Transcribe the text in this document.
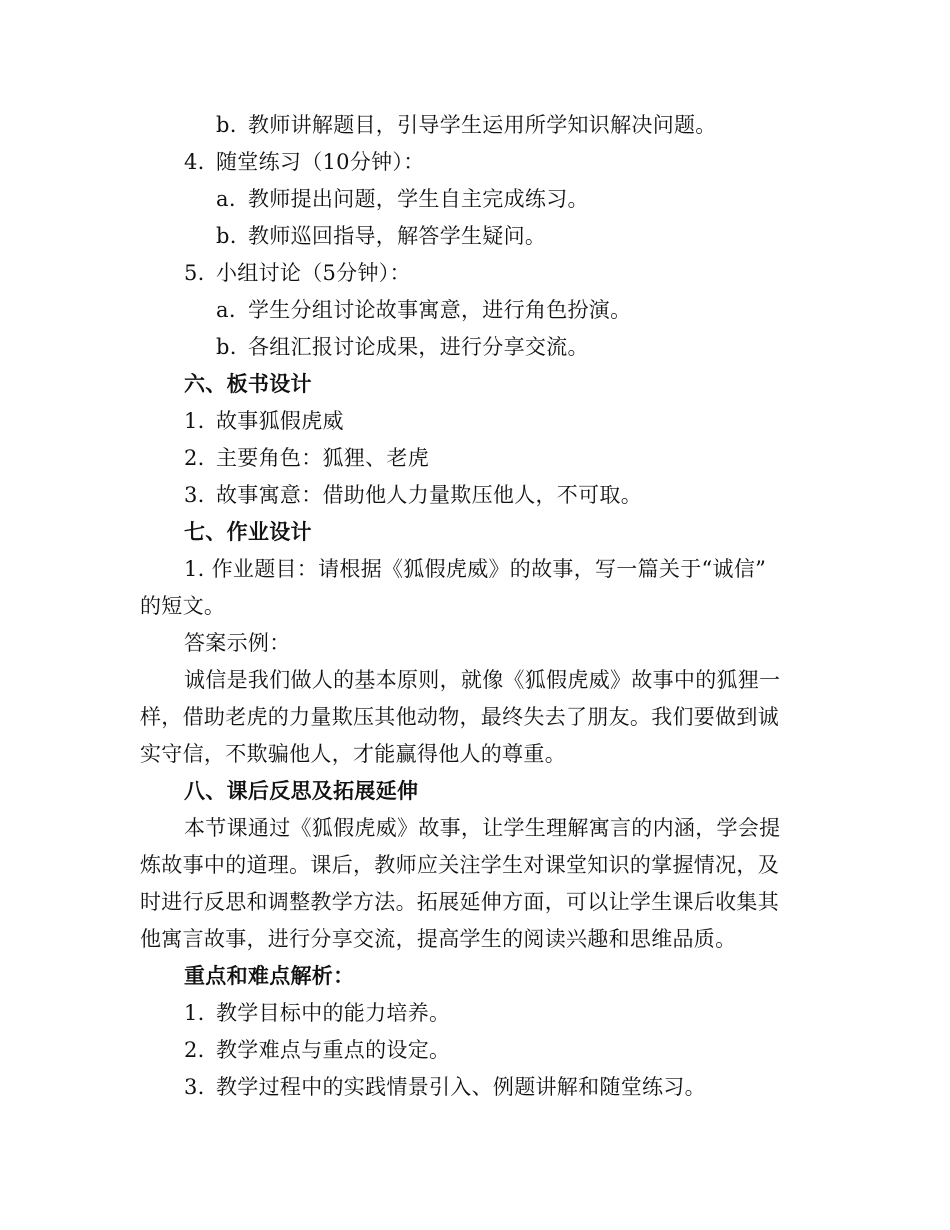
b. 教师讲解题目，引导学生运用所学知识解决问题。
4. 随堂练习（10分钟）：
a. 教师提出问题，学生自主完成练习。
b. 教师巡回指导，解答学生疑问。
5. 小组讨论（5分钟）：
a. 学生分组讨论故事寓意，进行角色扮演。
b. 各组汇报讨论成果，进行分享交流。
六、板书设计
1. 故事狐假虎威
2. 主要角色：狐狸、老虎
3. 故事寓意：借助他人力量欺压他人，不可取。
七、作业设计
1. 作业题目：请根据《狐假虎威》的故事，写一篇关于“诚信”
的短文。
答案示例：
诚信是我们做人的基本原则，就像《狐假虎威》故事中的狐狸一
样，借助老虎的力量欺压其他动物，最终失去了朋友。我们要做到诚
实守信，不欺骗他人，才能赢得他人的尊重。
八、课后反思及拓展延伸
本节课通过《狐假虎威》故事，让学生理解寓言的内涵，学会提
炼故事中的道理。课后，教师应关注学生对课堂知识的掌握情况，及
时进行反思和调整教学方法。拓展延伸方面，可以让学生课后收集其
他寓言故事，进行分享交流，提高学生的阅读兴趣和思维品质。
重点和难点解析：
1. 教学目标中的能力培养。
2. 教学难点与重点的设定。
3. 教学过程中的实践情景引入、例题讲解和随堂练习。
